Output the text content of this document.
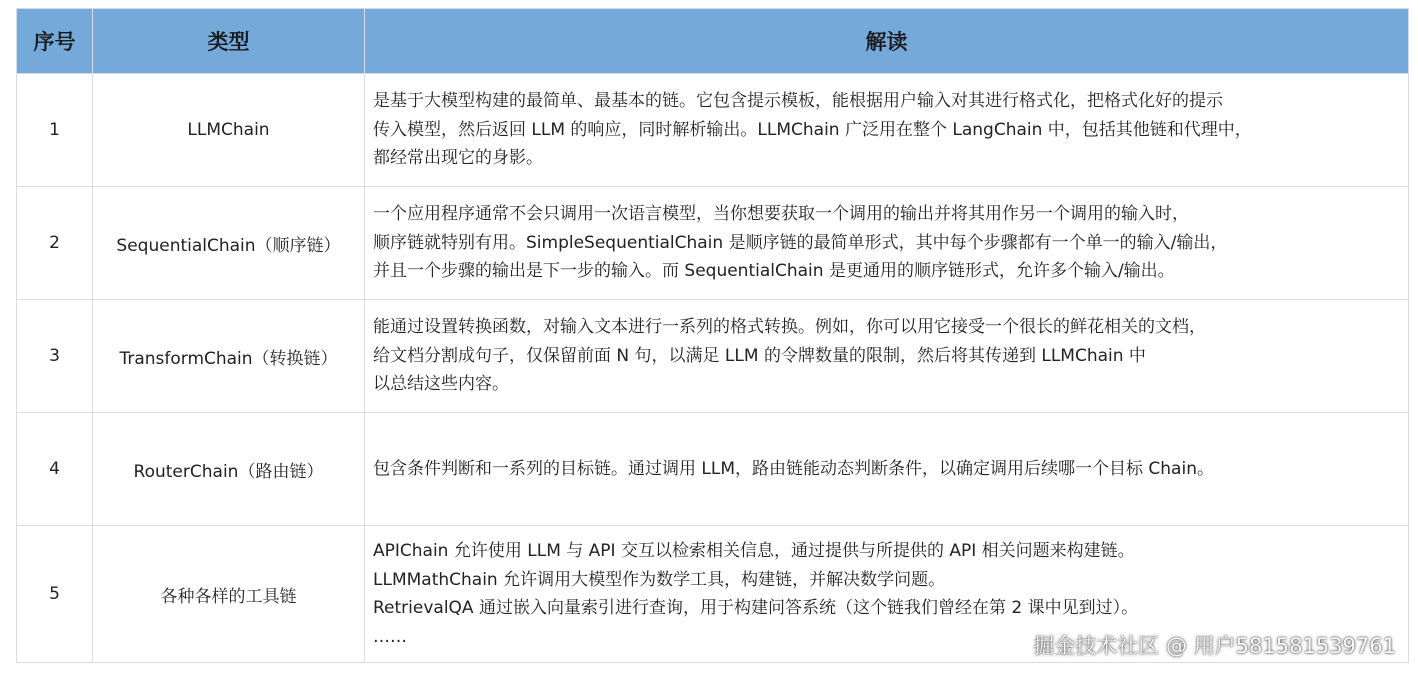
序号	类型	解读
1	LLMChain	是基于大模型构建的最简单、最基本的链。它包含提示模板，能根据用户输入对其进行格式化，把格式化好的提示
传入模型，然后返回 LLM 的响应，同时解析输出。LLMChain 广泛用在整个 LangChain 中，包括其他链和代理中，
都经常出现它的身影。

2	SequentialChain（顺序链）	一个应用程序通常不会只调用一次语言模型，当你想要获取一个调用的输出并将其用作另一个调用的输入时，
顺序链就特别有用。SimpleSequentialChain 是顺序链的最简单形式，其中每个步骤都有一个单一的输入/输出，
并且一个步骤的输出是下一步的输入。而 SequentialChain 是更通用的顺序链形式，允许多个输入/输出。

3	TransformChain（转换链）	能通过设置转换函数，对输入文本进行一系列的格式转换。例如，你可以用它接受一个很长的鲜花相关的文档，
给文档分割成句子，仅保留前面 N 句，以满足 LLM 的令牌数量的限制，然后将其传递到 LLMChain 中
以总结这些内容。

4	RouterChain（路由链）	包含条件判断和一系列的目标链。通过调用 LLM，路由链能动态判断条件，以确定调用后续哪一个目标 Chain。

5	各种各样的工具链	APIChain 允许使用 LLM 与 API 交互以检索相关信息，通过提供与所提供的 API 相关问题来构建链。
LLMMathChain 允许调用大模型作为数学工具，构建链，并解决数学问题。
RetrievalQA 通过嵌入向量索引进行查询，用于构建问答系统（这个链我们曾经在第 2 课中见到过）。
……	掘金技术社区 @ 用户581581539761
